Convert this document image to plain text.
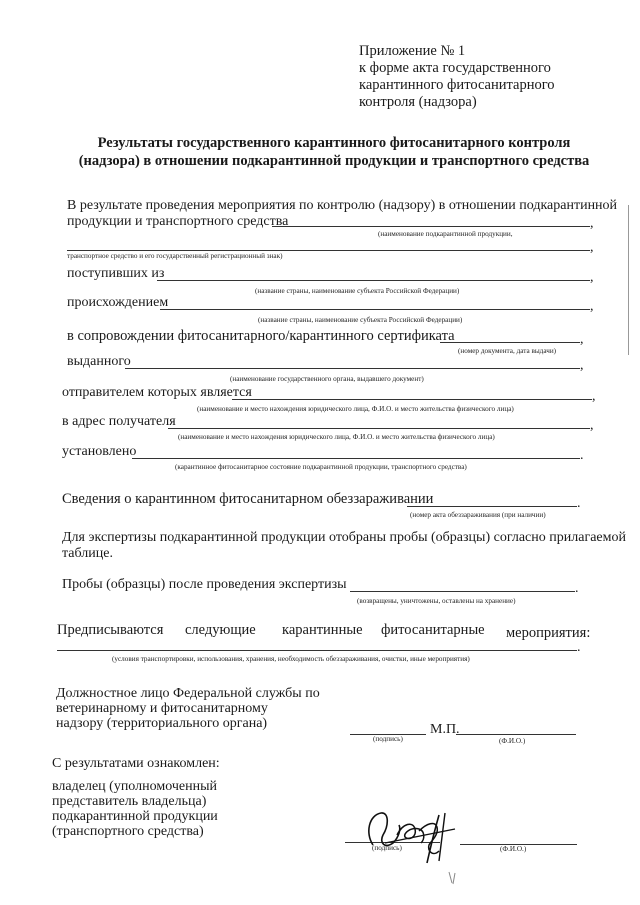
Приложение № 1
к форме акта государственного
карантинного фитосанитарного
контроля (надзора)
Результаты государственного карантинного фитосанитарного контроля
(надзора) в отношении подкарантинной продукции и транспортного средства
В результате проведения мероприятия по контролю (надзору) в отношении подкарантинной
продукции и транспортного средства	,
(наименование подкарантинной продукции,
,
транспортное средство и его государственный регистрационный знак)
поступивших из	,
(название страны, наименование субъекта Российской Федерации)
происхождением	,
(название страны, наименование субъекта Российской Федерации)
в сопровождении фитосанитарного/карантинного сертификата	,
(номер документа, дата выдачи)
выданного	,
(наименование государственного органа, выдавшего документ)
отправителем которых является	,
(наименование и место нахождения юридического лица, Ф.И.О. и место жительства физического лица)
в адрес получателя	,
(наименование и место нахождения юридического лица, Ф.И.О. и место жительства физического лица)
установлено	.
(карантинное фитосанитарное состояние подкарантинной продукции, транспортного средства)
Сведения о карантинном фитосанитарном обеззараживании	.
(номер акта обеззараживания (при наличии)
Для экспертизы подкарантинной продукции отобраны пробы (образцы) согласно прилагаемой
таблице.
Пробы (образцы) после проведения экспертизы	.
(возвращены, уничтожены, оставлены на хранение)
Предписываются следующие карантинные фитосанитарные мероприятия:
.
(условия транспортировки, использования, хранения, необходимость обеззараживания, очистки, иные мероприятия)
Должностное лицо Федеральной службы по
ветеринарному и фитосанитарному
надзору (территориального органа)	М.П.
(подпись)	(Ф.И.О.)
С результатами ознакомлен:
владелец (уполномоченный
представитель владельца)
подкарантинной продукции
(транспортного средства)
(подпись)	(Ф.И.О.)
